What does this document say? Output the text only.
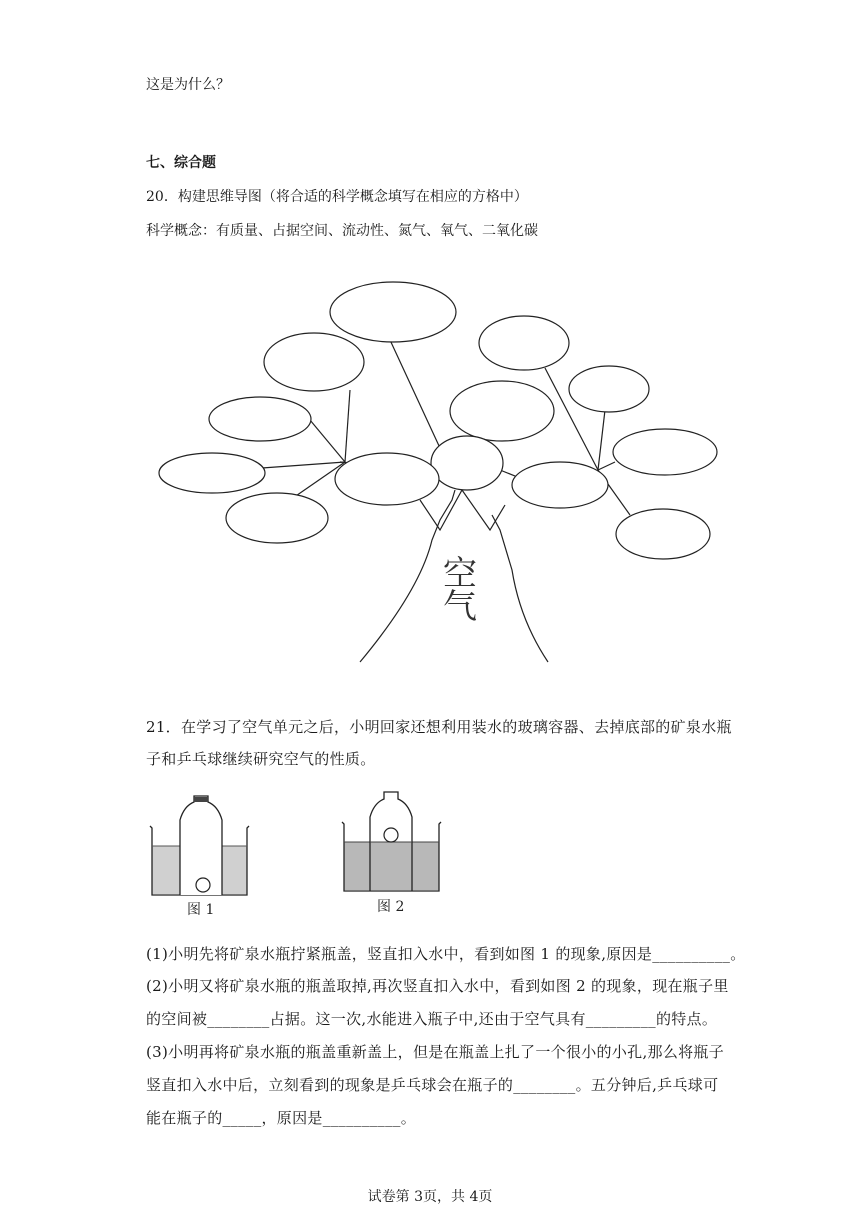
这是为什么？
七、综合题
20．构建思维导图（将合适的科学概念填写在相应的方格中）
科学概念：有质量、占据空间、流动性、氮气、氧气、二氧化碳
空
气
图 1	图 2
21．在学习了空气单元之后，小明回家还想利用装水的玻璃容器、去掉底部的矿泉水瓶
子和乒乓球继续研究空气的性质。
(1)小明先将矿泉水瓶拧紧瓶盖，竖直扣入水中，看到如图 1 的现象,原因是__________。
(2)小明又将矿泉水瓶的瓶盖取掉,再次竖直扣入水中，看到如图 2 的现象，现在瓶子里
的空间被________占据。这一次,水能进入瓶子中,还由于空气具有_________的特点。
(3)小明再将矿泉水瓶的瓶盖重新盖上，但是在瓶盖上扎了一个很小的小孔,那么将瓶子
竖直扣入水中后，立刻看到的现象是乒乓球会在瓶子的________。五分钟后,乒乓球可
能在瓶子的_____，原因是__________。
试卷第 3页，共 4页
